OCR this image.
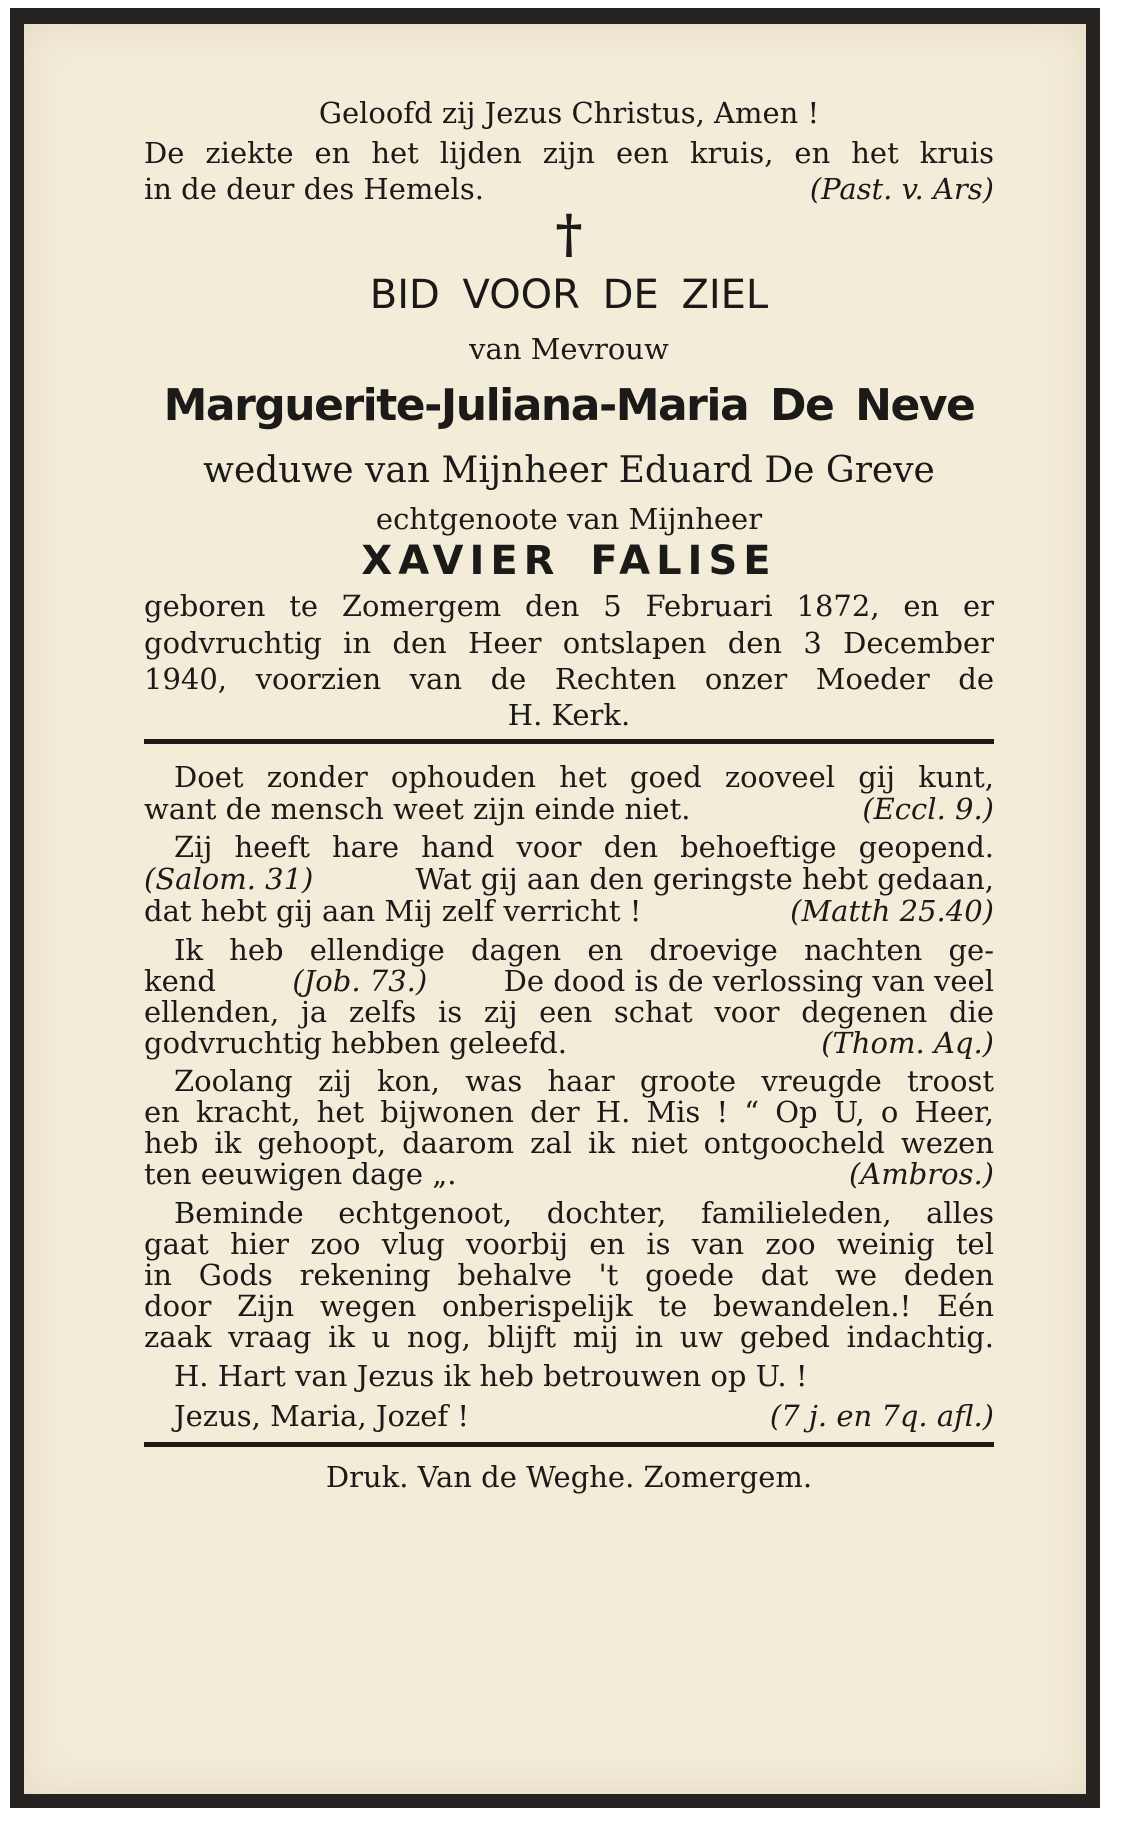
Geloofd zij Jezus Christus, Amen !
De ziekte en het lijden zijn een kruis, en het kruis
in de deur des Hemels.	(Past. v. Ars)
†
BID VOOR DE ZIEL
van Mevrouw
Marguerite-Juliana-Maria De Neve
weduwe van Mijnheer Eduard De Greve
echtgenoote van Mijnheer
XAVIER FALISE
geboren te Zomergem den 5 Februari 1872, en er
godvruchtig in den Heer ontslapen den 3 December
1940, voorzien van de Rechten onzer Moeder de
H. Kerk.
Doet zonder ophouden het goed zooveel gij kunt,
want de mensch weet zijn einde niet.	(Eccl. 9.)
Zij heeft hare hand voor den behoeftige geopend.
(Salom. 31)	Wat gij aan den geringste hebt gedaan,
dat hebt gij aan Mij zelf verricht !	(Matth 25.40)
Ik heb ellendige dagen en droevige nachten ge-
kend	(Job. 73.)	De dood is de verlossing van veel
ellenden, ja zelfs is zij een schat voor degenen die
godvruchtig hebben geleefd.	(Thom. Aq.)
Zoolang zij kon, was haar groote vreugde troost
en kracht, het bijwonen der H. Mis ! “ Op U, o Heer,
heb ik gehoopt, daarom zal ik niet ontgoocheld wezen
ten eeuwigen dage „.	(Ambros.)
Beminde echtgenoot, dochter, familieleden, alles
gaat hier zoo vlug voorbij en is van zoo weinig tel
in Gods rekening behalve 't goede dat we deden
door Zijn wegen onberispelijk te bewandelen.! Eén
zaak vraag ik u nog, blijft mij in uw gebed indachtig.
H. Hart van Jezus ik heb betrouwen op U. !
Jezus, Maria, Jozef !	(7 j. en 7q. afl.)
Druk. Van de Weghe. Zomergem.
